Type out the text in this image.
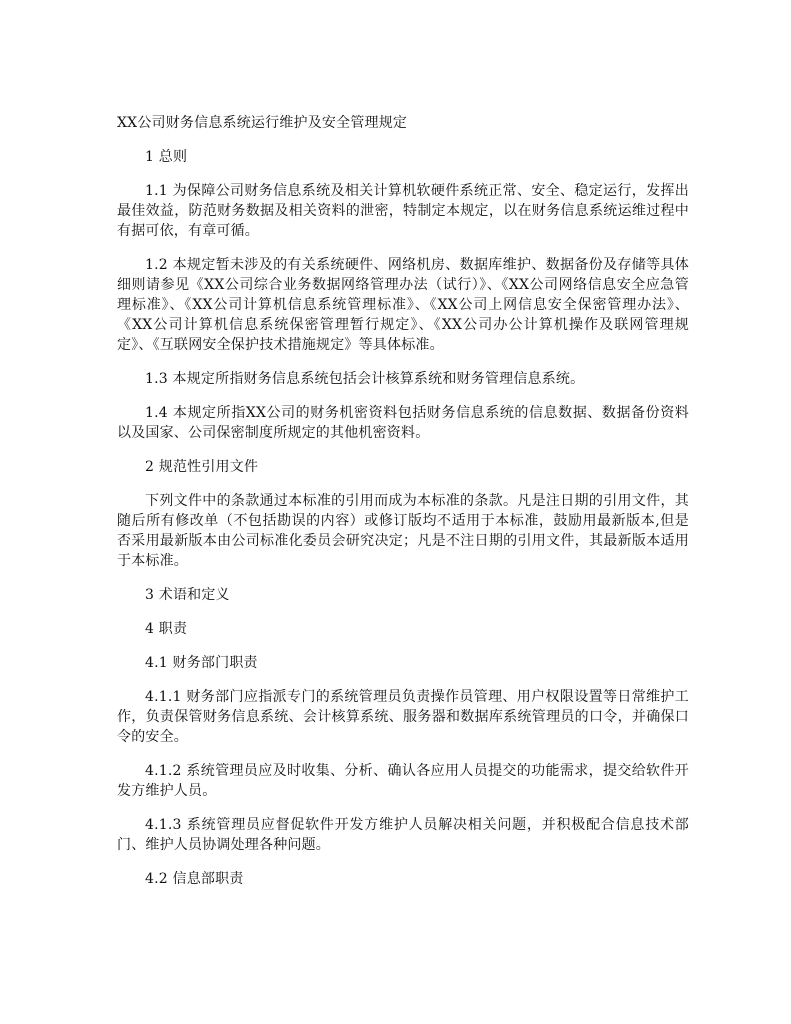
XX公司财务信息系统运行维护及安全管理规定

1 总则

1.1 为保障公司财务信息系统及相关计算机软硬件系统正常、安全、稳定运行，发挥出最佳效益，防范财务数据及相关资料的泄密，特制定本规定，以在财务信息系统运维过程中有据可依，有章可循。

1.2 本规定暂未涉及的有关系统硬件、网络机房、数据库维护、数据备份及存储等具体细则请参见《XX公司综合业务数据网络管理办法（试行）》、《XX公司网络信息安全应急管理标准》、《XX公司计算机信息系统管理标准》、《XX公司上网信息安全保密管理办法》、《XX公司计算机信息系统保密管理暂行规定》、《XX公司办公计算机操作及联网管理规定》、《互联网安全保护技术措施规定》等具体标准。

1.3 本规定所指财务信息系统包括会计核算系统和财务管理信息系统。

1.4 本规定所指XX公司的财务机密资料包括财务信息系统的信息数据、数据备份资料以及国家、公司保密制度所规定的其他机密资料。

2 规范性引用文件

下列文件中的条款通过本标准的引用而成为本标准的条款。凡是注日期的引用文件，其随后所有修改单（不包括勘误的内容）或修订版均不适用于本标准，鼓励用最新版本,但是否采用最新版本由公司标准化委员会研究决定；凡是不注日期的引用文件，其最新版本适用于本标准。

3 术语和定义

4 职责

4.1 财务部门职责

4.1.1 财务部门应指派专门的系统管理员负责操作员管理、用户权限设置等日常维护工作，负责保管财务信息系统、会计核算系统、服务器和数据库系统管理员的口令，并确保口令的安全。

4.1.2 系统管理员应及时收集、分析、确认各应用人员提交的功能需求，提交给软件开发方维护人员。

4.1.3 系统管理员应督促软件开发方维护人员解决相关问题，并积极配合信息技术部门、维护人员协调处理各种问题。

4.2 信息部职责
